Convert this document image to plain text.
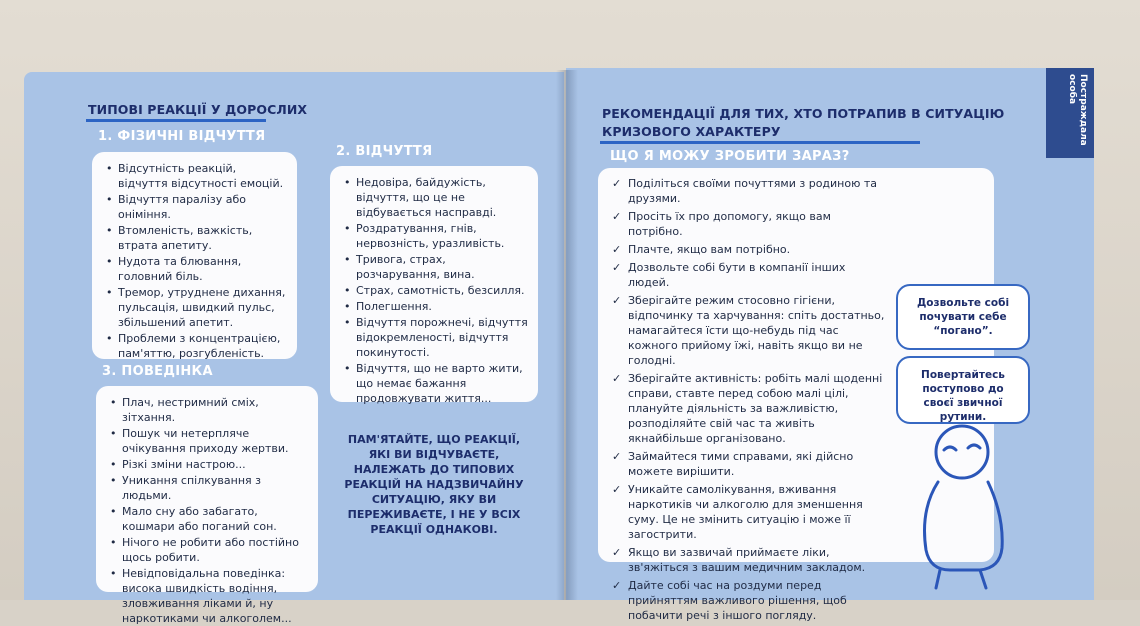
ТИПОВІ РЕАКЦІЇ У ДОРОСЛИХ
1. ФІЗИЧНІ ВІДЧУТТЯ
• Відсутність реакцій, відчуття відсутності емоцій.
• Відчуття паралізу або оніміння.
• Втомленість, важкість, втрата апетиту.
• Нудота та блювання, головний біль.
• Тремор, утруднене дихання, пульсація, швидкий пульс, збільшений апетит.
• Проблеми з концентрацією, пам'яттю, розгубленість.
2. ВІДЧУТТЯ
• Недовіра, байдужість, відчуття, що це не відбувається насправді.
• Роздратування, гнів, нервозність, уразливість.
• Тривога, страх, розчарування, вина.
• Страх, самотність, безсилля.
• Полегшення.
• Відчуття порожнечі, відчуття відокремленості, відчуття покинутості.
• Відчуття, що не варто жити, що немає бажання продовжувати життя...
3. ПОВЕДІНКА
• Плач, нестримний сміх, зітхання.
• Пошук чи нетерпляче очікування приходу жертви.
• Різкі зміни настрою...
• Уникання спілкування з людьми.
• Мало сну або забагато, кошмари або поганий сон.
• Нічого не робити або постійно щось робити.
• Невідповідальна поведінка: висока швидкість водіння, зловживання ліками й, ну наркотиками чи алкоголем...
ПАМ'ЯТАЙТЕ, ЩО РЕАКЦІЇ, ЯКІ ВИ ВІДЧУВАЄТЕ, НАЛЕЖАТЬ ДО ТИПОВИХ РЕАКЦІЙ НА НАДЗВИЧАЙНУ СИТУАЦІЮ, ЯКУ ВИ ПЕРЕЖИВАЄТЕ, І НЕ У ВСІХ РЕАКЦІЇ ОДНАКОВІ.
Постраждала особа
РЕКОМЕНДАЦІЇ ДЛЯ ТИХ, ХТО ПОТРАПИВ В СИТУАЦІЮ
КРИЗОВОГО ХАРАКТЕРУ
ЩО Я МОЖУ ЗРОБИТИ ЗАРАЗ?
✓ Поділіться своїми почуттями з родиною та друзями.
✓ Просіть їх про допомогу, якщо вам потрібно.
✓ Плачте, якщо вам потрібно.
✓ Дозвольте собі бути в компанії інших людей.
✓ Зберігайте режим стосовно гігієни, відпочинку та харчування: спіть достатньо, намагайтеся їсти що-небудь під час кожного прийому їжі, навіть якщо ви не голодні.
✓ Зберігайте активність: робіть малі щоденні справи, ставте перед собою малі цілі, плануйте діяльність за важливістю, розподіляйте свій час та живіть якнайбільше організовано.
✓ Займайтеся тими справами, які дійсно можете вирішити.
✓ Уникайте самолікування, вживання наркотиків чи алкоголю для зменшення суму. Це не змінить ситуацію і може її загострити.
✓ Якщо ви зазвичай приймаєте ліки, зв'яжіться з вашим медичним закладом.
✓ Дайте собі час на роздуми перед прийняттям важливого рішення, щоб побачити речі з іншого погляду.
Дозвольте собі почувати себе “погано”.
Повертайтесь поступово до своєї звичної рутини.
